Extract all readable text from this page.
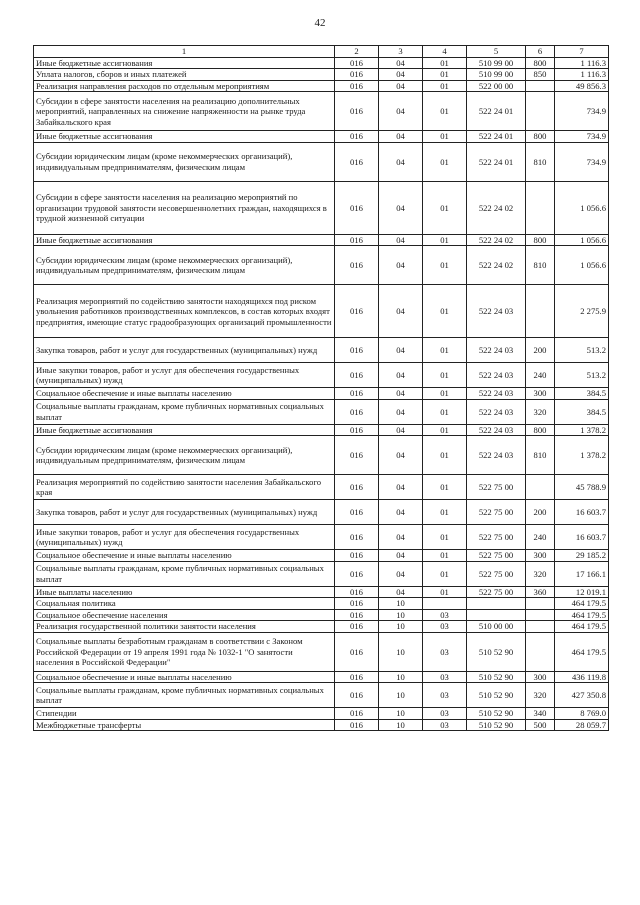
42
1	2	3	4	5	6	7
Иные бюджетные ассигнования	016	04	01	510 99 00	800	1 116.3
Уплата налогов, сборов и иных платежей	016	04	01	510 99 00	850	1 116.3
Реализация направления расходов по отдельным мероприятиям	016	04	01	522 00 00		49 856.3
Субсидии в сфере занятости населения на реализацию дополнительных мероприятий, направленных на снижение напряженности на рынке труда Забайкальского края	016	04	01	522 24 01		734.9
Иные бюджетные ассигнования	016	04	01	522 24 01	800	734.9
Субсидии юридическим лицам (кроме некоммерческих организаций), индивидуальным предпринимателям, физическим лицам	016	04	01	522 24 01	810	734.9
Субсидии в сфере занятости населения на реализацию мероприятий по организации трудовой занятости несовершеннолетних граждан, находящихся в трудной жизненной ситуации	016	04	01	522 24 02		1 056.6
Иные бюджетные ассигнования	016	04	01	522 24 02	800	1 056.6
Субсидии юридическим лицам (кроме некоммерческих организаций), индивидуальным предпринимателям, физическим лицам	016	04	01	522 24 02	810	1 056.6
Реализация мероприятий по содействию занятости находящихся под риском увольнения работников производственных комплексов, в состав которых входят предприятия, имеющие статус градообразующих организаций промышленности	016	04	01	522 24 03		2 275.9
Закупка товаров, работ и услуг для государственных (муниципальных) нужд	016	04	01	522 24 03	200	513.2
Иные закупки товаров, работ и услуг для обеспечения государственных (муниципальных) нужд	016	04	01	522 24 03	240	513.2
Социальное обеспечение и иные выплаты населению	016	04	01	522 24 03	300	384.5
Социальные выплаты гражданам, кроме публичных нормативных социальных выплат	016	04	01	522 24 03	320	384.5
Иные бюджетные ассигнования	016	04	01	522 24 03	800	1 378.2
Субсидии юридическим лицам (кроме некоммерческих организаций), индивидуальным предпринимателям, физическим лицам	016	04	01	522 24 03	810	1 378.2
Реализация мероприятий по содействию занятости населения Забайкальского края	016	04	01	522 75 00		45 788.9
Закупка товаров, работ и услуг для государственных (муниципальных) нужд	016	04	01	522 75 00	200	16 603.7
Иные закупки товаров, работ и услуг для обеспечения государственных (муниципальных) нужд	016	04	01	522 75 00	240	16 603.7
Социальное обеспечение и иные выплаты населению	016	04	01	522 75 00	300	29 185.2
Социальные выплаты гражданам, кроме публичных нормативных социальных выплат	016	04	01	522 75 00	320	17 166.1
Иные выплаты населению	016	04	01	522 75 00	360	12 019.1
Социальная политика	016	10				464 179.5
Социальное обеспечение населения	016	10	03			464 179.5
Реализация государственной политики занятости населения	016	10	03	510 00 00		464 179.5
Социальные выплаты безработным гражданам в соответствии с Законом Российской Федерации от 19 апреля 1991 года № 1032-1 "О занятости населения в Российской Федерации"	016	10	03	510 52 90		464 179.5
Социальное обеспечение и иные выплаты населению	016	10	03	510 52 90	300	436 119.8
Социальные выплаты гражданам, кроме публичных нормативных социальных выплат	016	10	03	510 52 90	320	427 350.8
Стипендии	016	10	03	510 52 90	340	8 769.0
Межбюджетные трансферты	016	10	03	510 52 90	500	28 059.7
